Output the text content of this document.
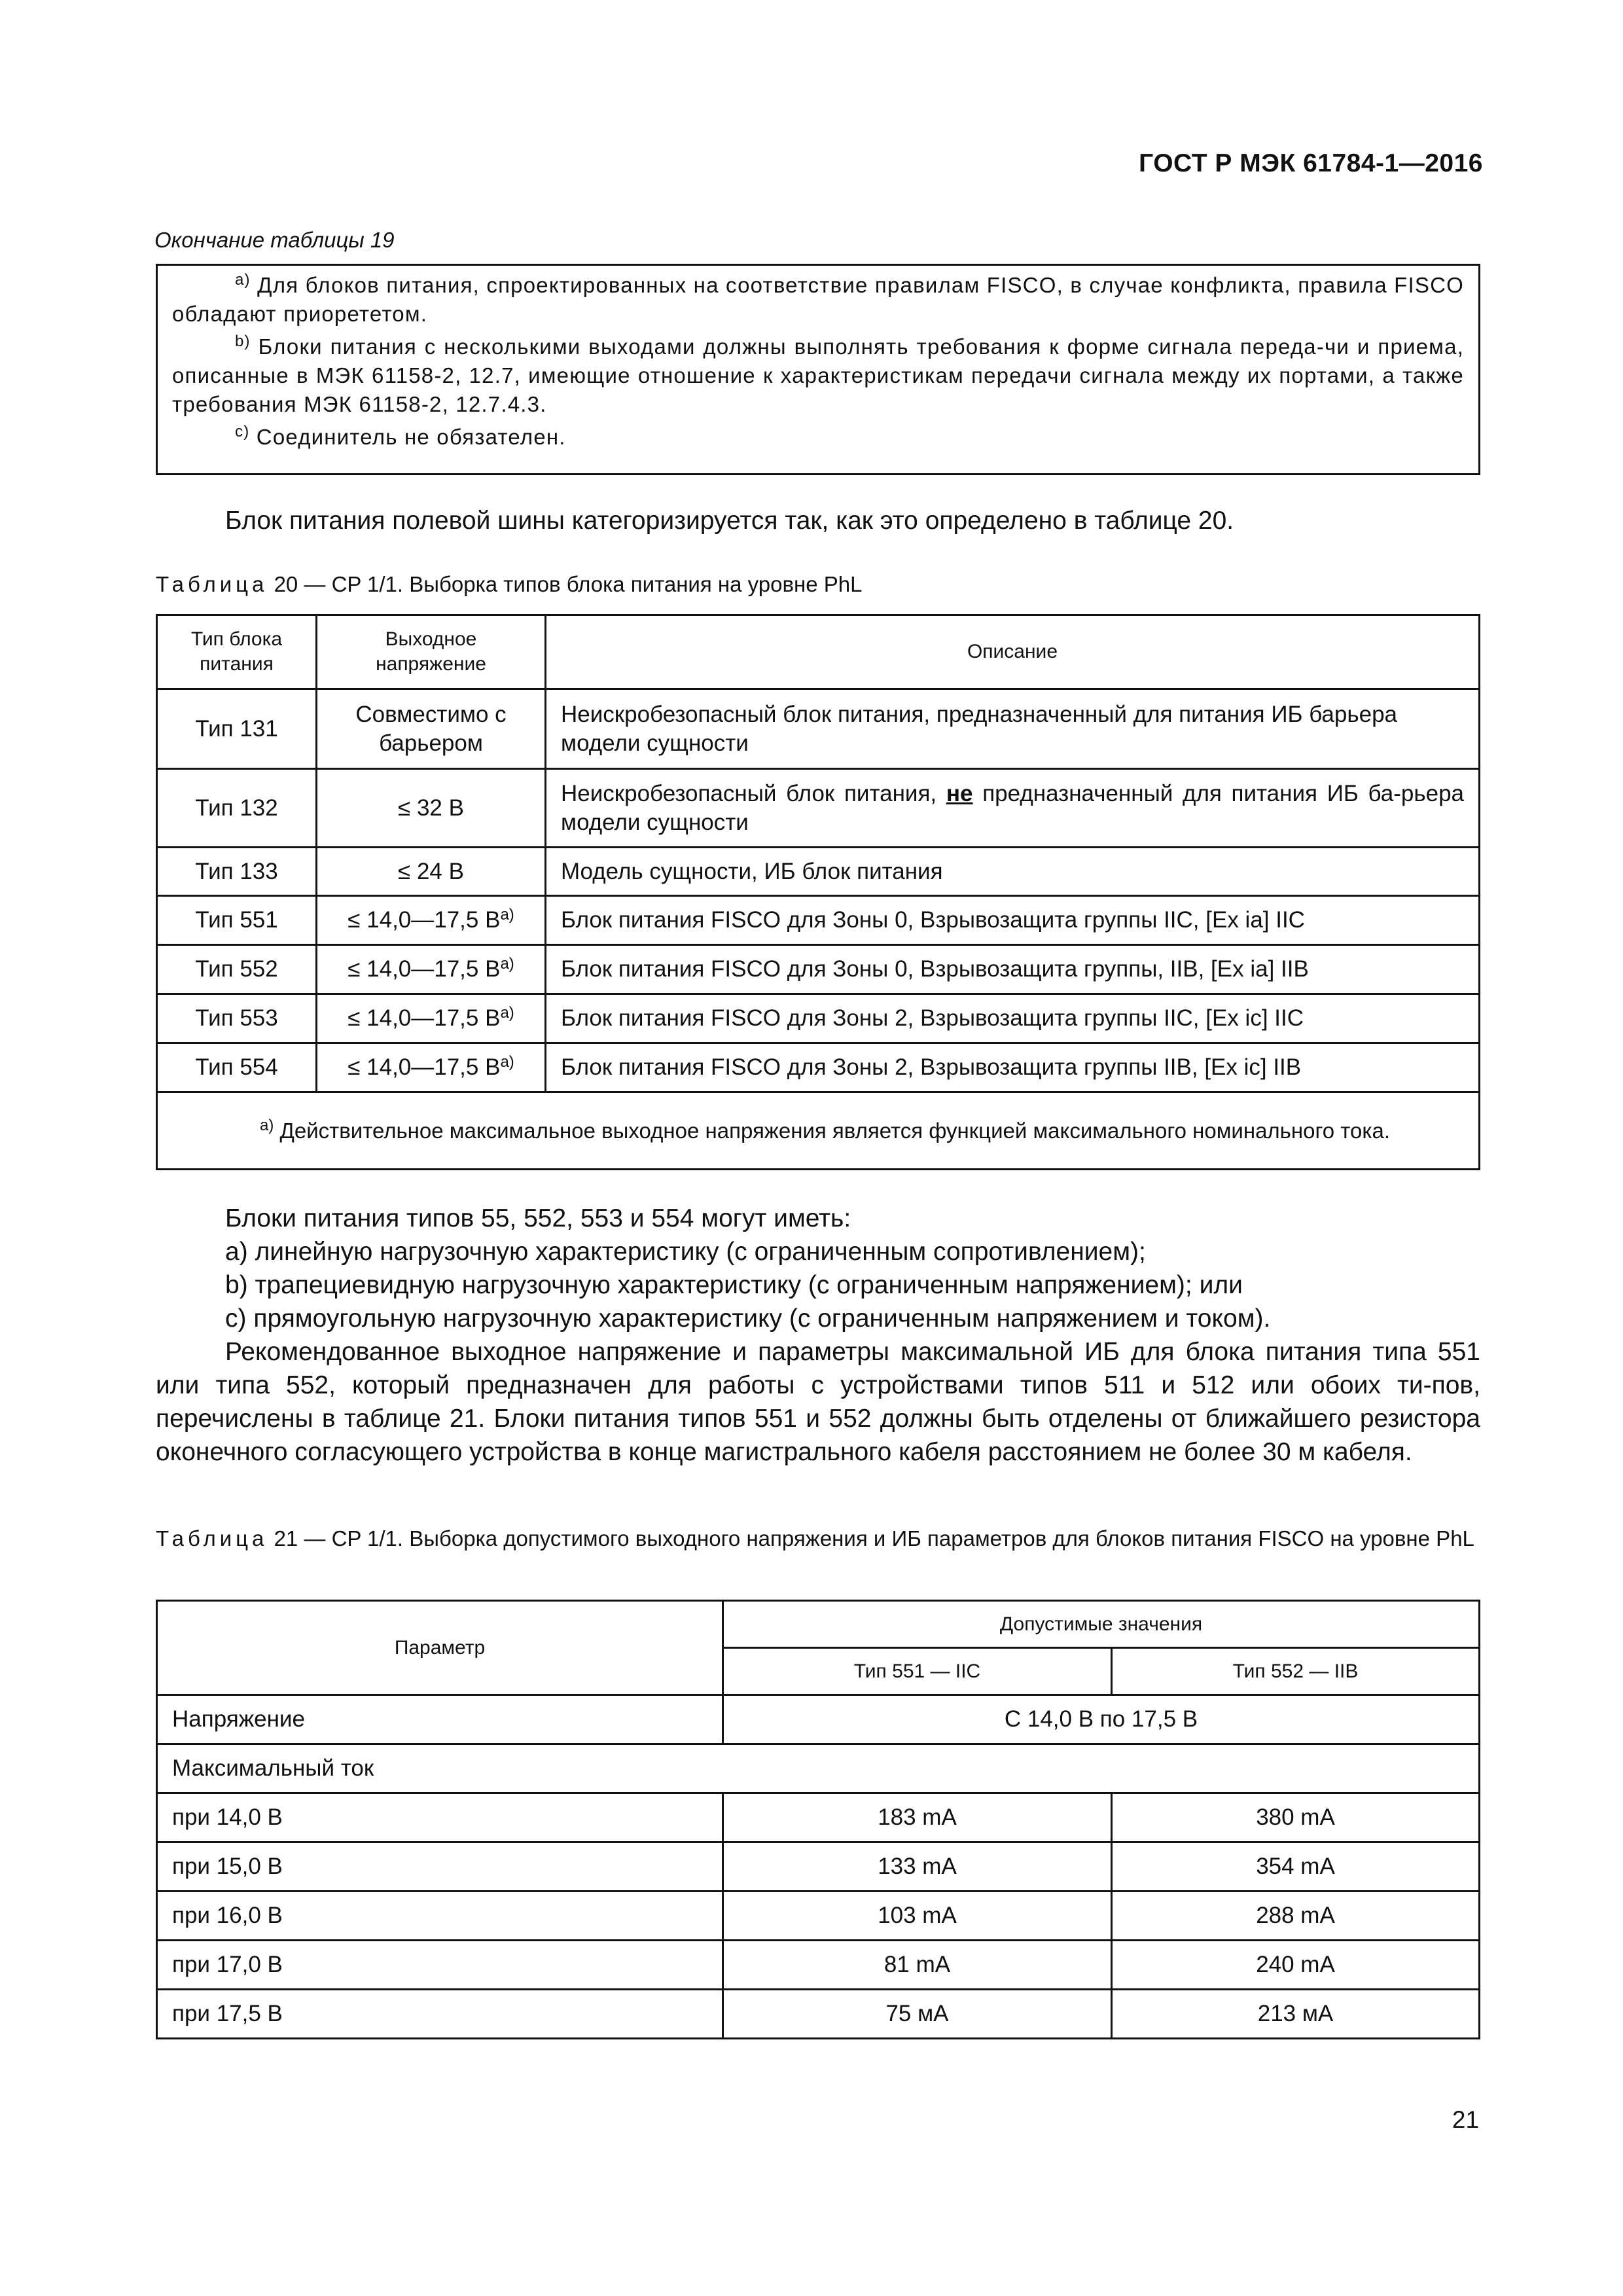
ГОСТ Р МЭК 61784-1—2016
Окончание таблицы 19

$^{a)}$ Для блоков питания, спроектированных на соответствие правилам FISCO, в случае конфликта, правила FISCO обладают приорететом.

$^{b)}$ Блоки питания с несколькими выходами должны выполнять требования к форме сигнала переда-чи и приема, описанные в МЭК 61158-2, 12.7, имеющие отношение к характеристикам передачи сигнала между их портами, а также требования МЭК 61158-2, 12.7.4.3.

$^{c)}$ Соединитель не обязателен.

Блок питания полевой шины категоризируется так, как это определено в таблице 20.

Таблица 20 — CP 1/1. Выборка типов блока питания на уровне PhL
Тип блока питания	Выходное напряжение	Описание
Тип 131	Совместимо с барьером	Неискробезопасный блок питания, предназначенный для питания ИБ барьера модели сущности
Тип 132	≤ 32 В	Неискробезопасный блок питания, не предназначенный для питания ИБ ба-рьера модели сущности
Тип 133	≤ 24 В	Модель сущности, ИБ блок питания
Тип 551	≤ 14,0—17,5 $В^{а)}$	Блок питания FISCO для Зоны 0, Взрывозащита группы IIC, [Ex ia] IIC
Тип 552	≤ 14,0—17,5 $В^{а)}$	Блок питания FISCO для Зоны 0, Взрывозащита группы, IIB, [Ex ia] IIB
Тип 553	≤ 14,0—17,5 $В^{а)}$	Блок питания FISCO для Зоны 2, Взрывозащита группы IIC, [Ex ic] IIC
Тип 554	≤ 14,0—17,5 $В^{а)}$	Блок питания FISCO для Зоны 2, Взрывозащита группы IIB, [Ex ic] IIB
$^{а)}$ Действительное максимальное выходное напряжения является функцией максимального номинального тока.		

Блоки питания типов 55, 552, 553 и 554 могут иметь:

a) линейную нагрузочную характеристику (с ограниченным сопротивлением);

b) трапециевидную нагрузочную характеристику (с ограниченным напряжением); или

c) прямоугольную нагрузочную характеристику (с ограниченным напряжением и током).

Рекомендованное выходное напряжение и параметры максимальной ИБ для блока питания типа 551 или типа 552, который предназначен для работы с устройствами типов 511 и 512 или обоих ти-пов, перечислены в таблице 21. Блоки питания типов 551 и 552 должны быть отделены от ближайшего резистора оконечного согласующего устройства в конце магистрального кабеля расстоянием не более 30 м кабеля.

Таблица 21 — CP 1/1. Выборка допустимого выходного напряжения и ИБ параметров для блоков питания FISCO на уровне PhL
Параметр	Допустимые значения	
	Тип 551 — IIC	Тип 552 — IIB
Напряжение	С 14,0 В по 17,5 В	
Максимальный ток		
при 14,0 В	183 mA	380 mA
при 15,0 В	133 mA	354 mA
при 16,0 В	103 mA	288 mA
при 17,0 В	81 mA	240 mA
при 17,5 В	75 мА	213 мА
21
